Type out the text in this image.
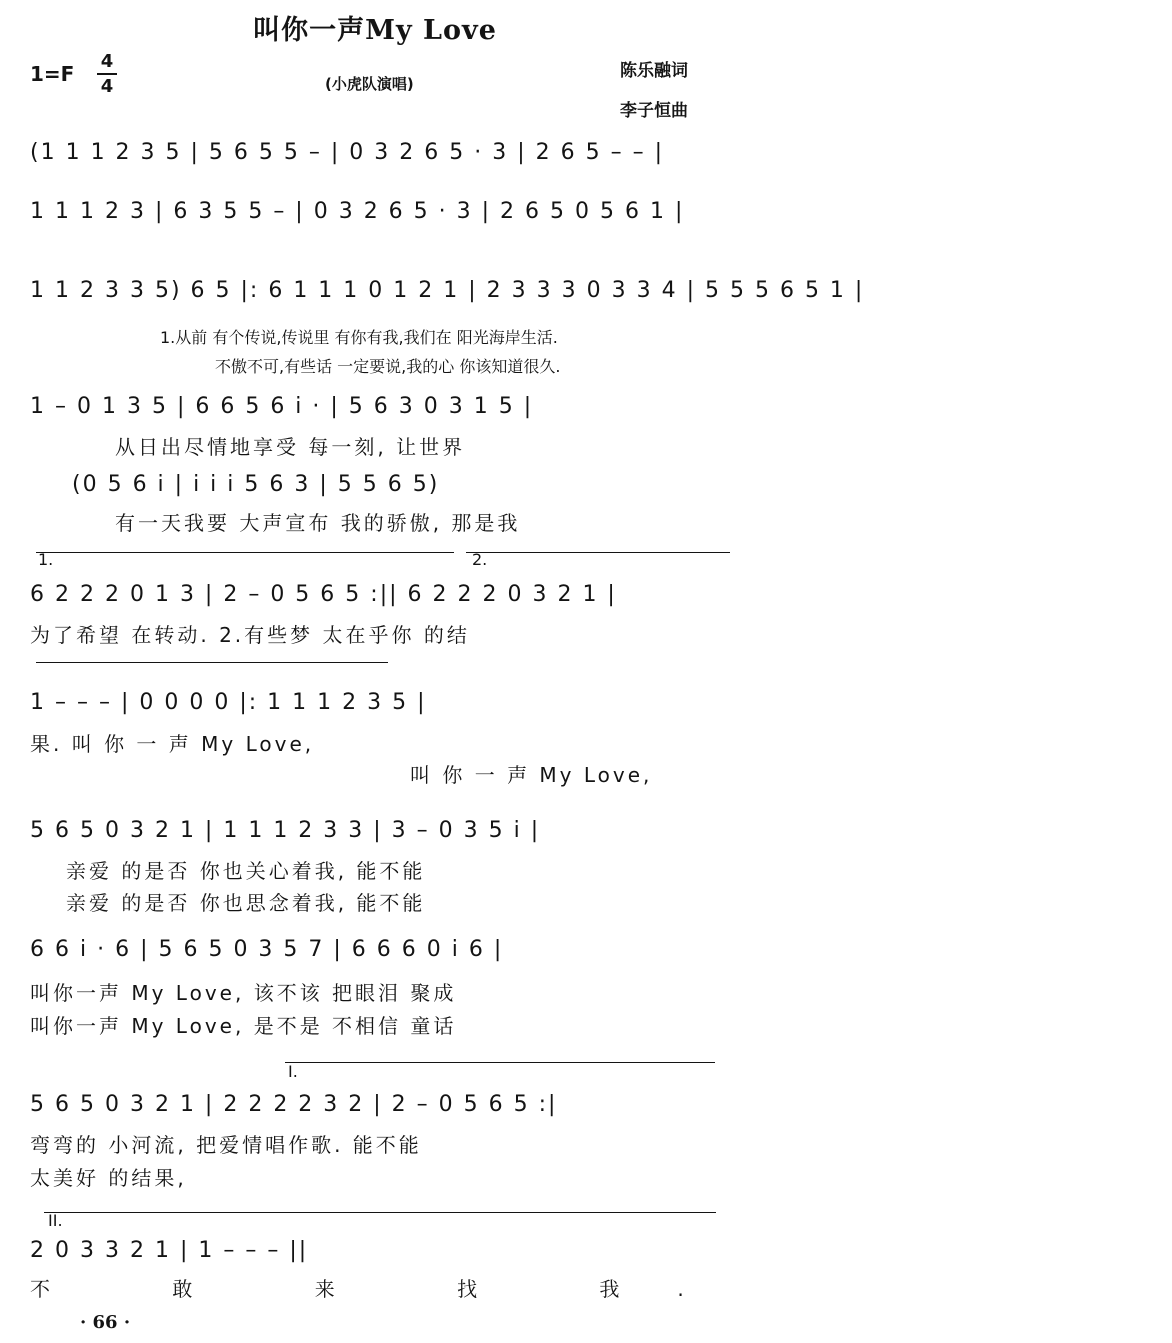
叫你一声My Love
1=F
4
4	(小虎队演唱)
陈乐融词
李子恒曲
(1 1 1 2 3 5 | 5 6 5 5 – | 0 3 2 6 5 · 3 | 2 6 5 – – |
1 1 1 2 3 | 6 3 5 5 – | 0 3 2 6 5 · 3 | 2 6 5 0 5 6 1 |
1 1 2 3 3 5) 6 5 |: 6 1 1 1 0 1 2 1 | 2 3 3 3 0 3 3 4 | 5 5 5 6 5 1 |
1.从前 有个传说,传说里 有你有我,我们在 阳光海岸生活.
不傲不可,有些话 一定要说,我的心 你该知道很久.
1 – 0 1 3 5 | 6 6 5 6 i · | 5 6 3 0 3 1 5 |
从日出尽情地享受 每一刻, 让世界
(0 5 6 i | i i i 5 6 3 | 5 5 6 5)
有一天我要 大声宣布 我的骄傲, 那是我
1.	2.
6 2 2 2 0 1 3 | 2 – 0 5 6 5 :|| 6 2 2 2 0 3 2 1 |
为了希望 在转动. 2.有些梦 太在乎你 的结
1 – – – | 0 0 0 0 |: 1 1 1 2 3 5 |
果. 叫 你 一 声 My Love,
叫 你 一 声 My Love,
5 6 5 0 3 2 1 | 1 1 1 2 3 3 | 3 – 0 3 5 i |
亲爱 的是否 你也关心着我, 能不能
亲爱 的是否 你也思念着我, 能不能
6 6 i · 6 | 5 6 5 0 3 5 7 | 6 6 6 0 i 6 |
叫你一声 My Love, 该不该 把眼泪 聚成
叫你一声 My Love, 是不是 不相信 童话
I.
5 6 5 0 3 2 1 | 2 2 2 2 3 2 | 2 – 0 5 6 5 :|
弯弯的 小河流, 把爱情唱作歌. 能不能
太美好 的结果,
II.
2 0 3 3 2 1 | 1 – – – ||
不 敢 来 找 我.
· 66 ·
